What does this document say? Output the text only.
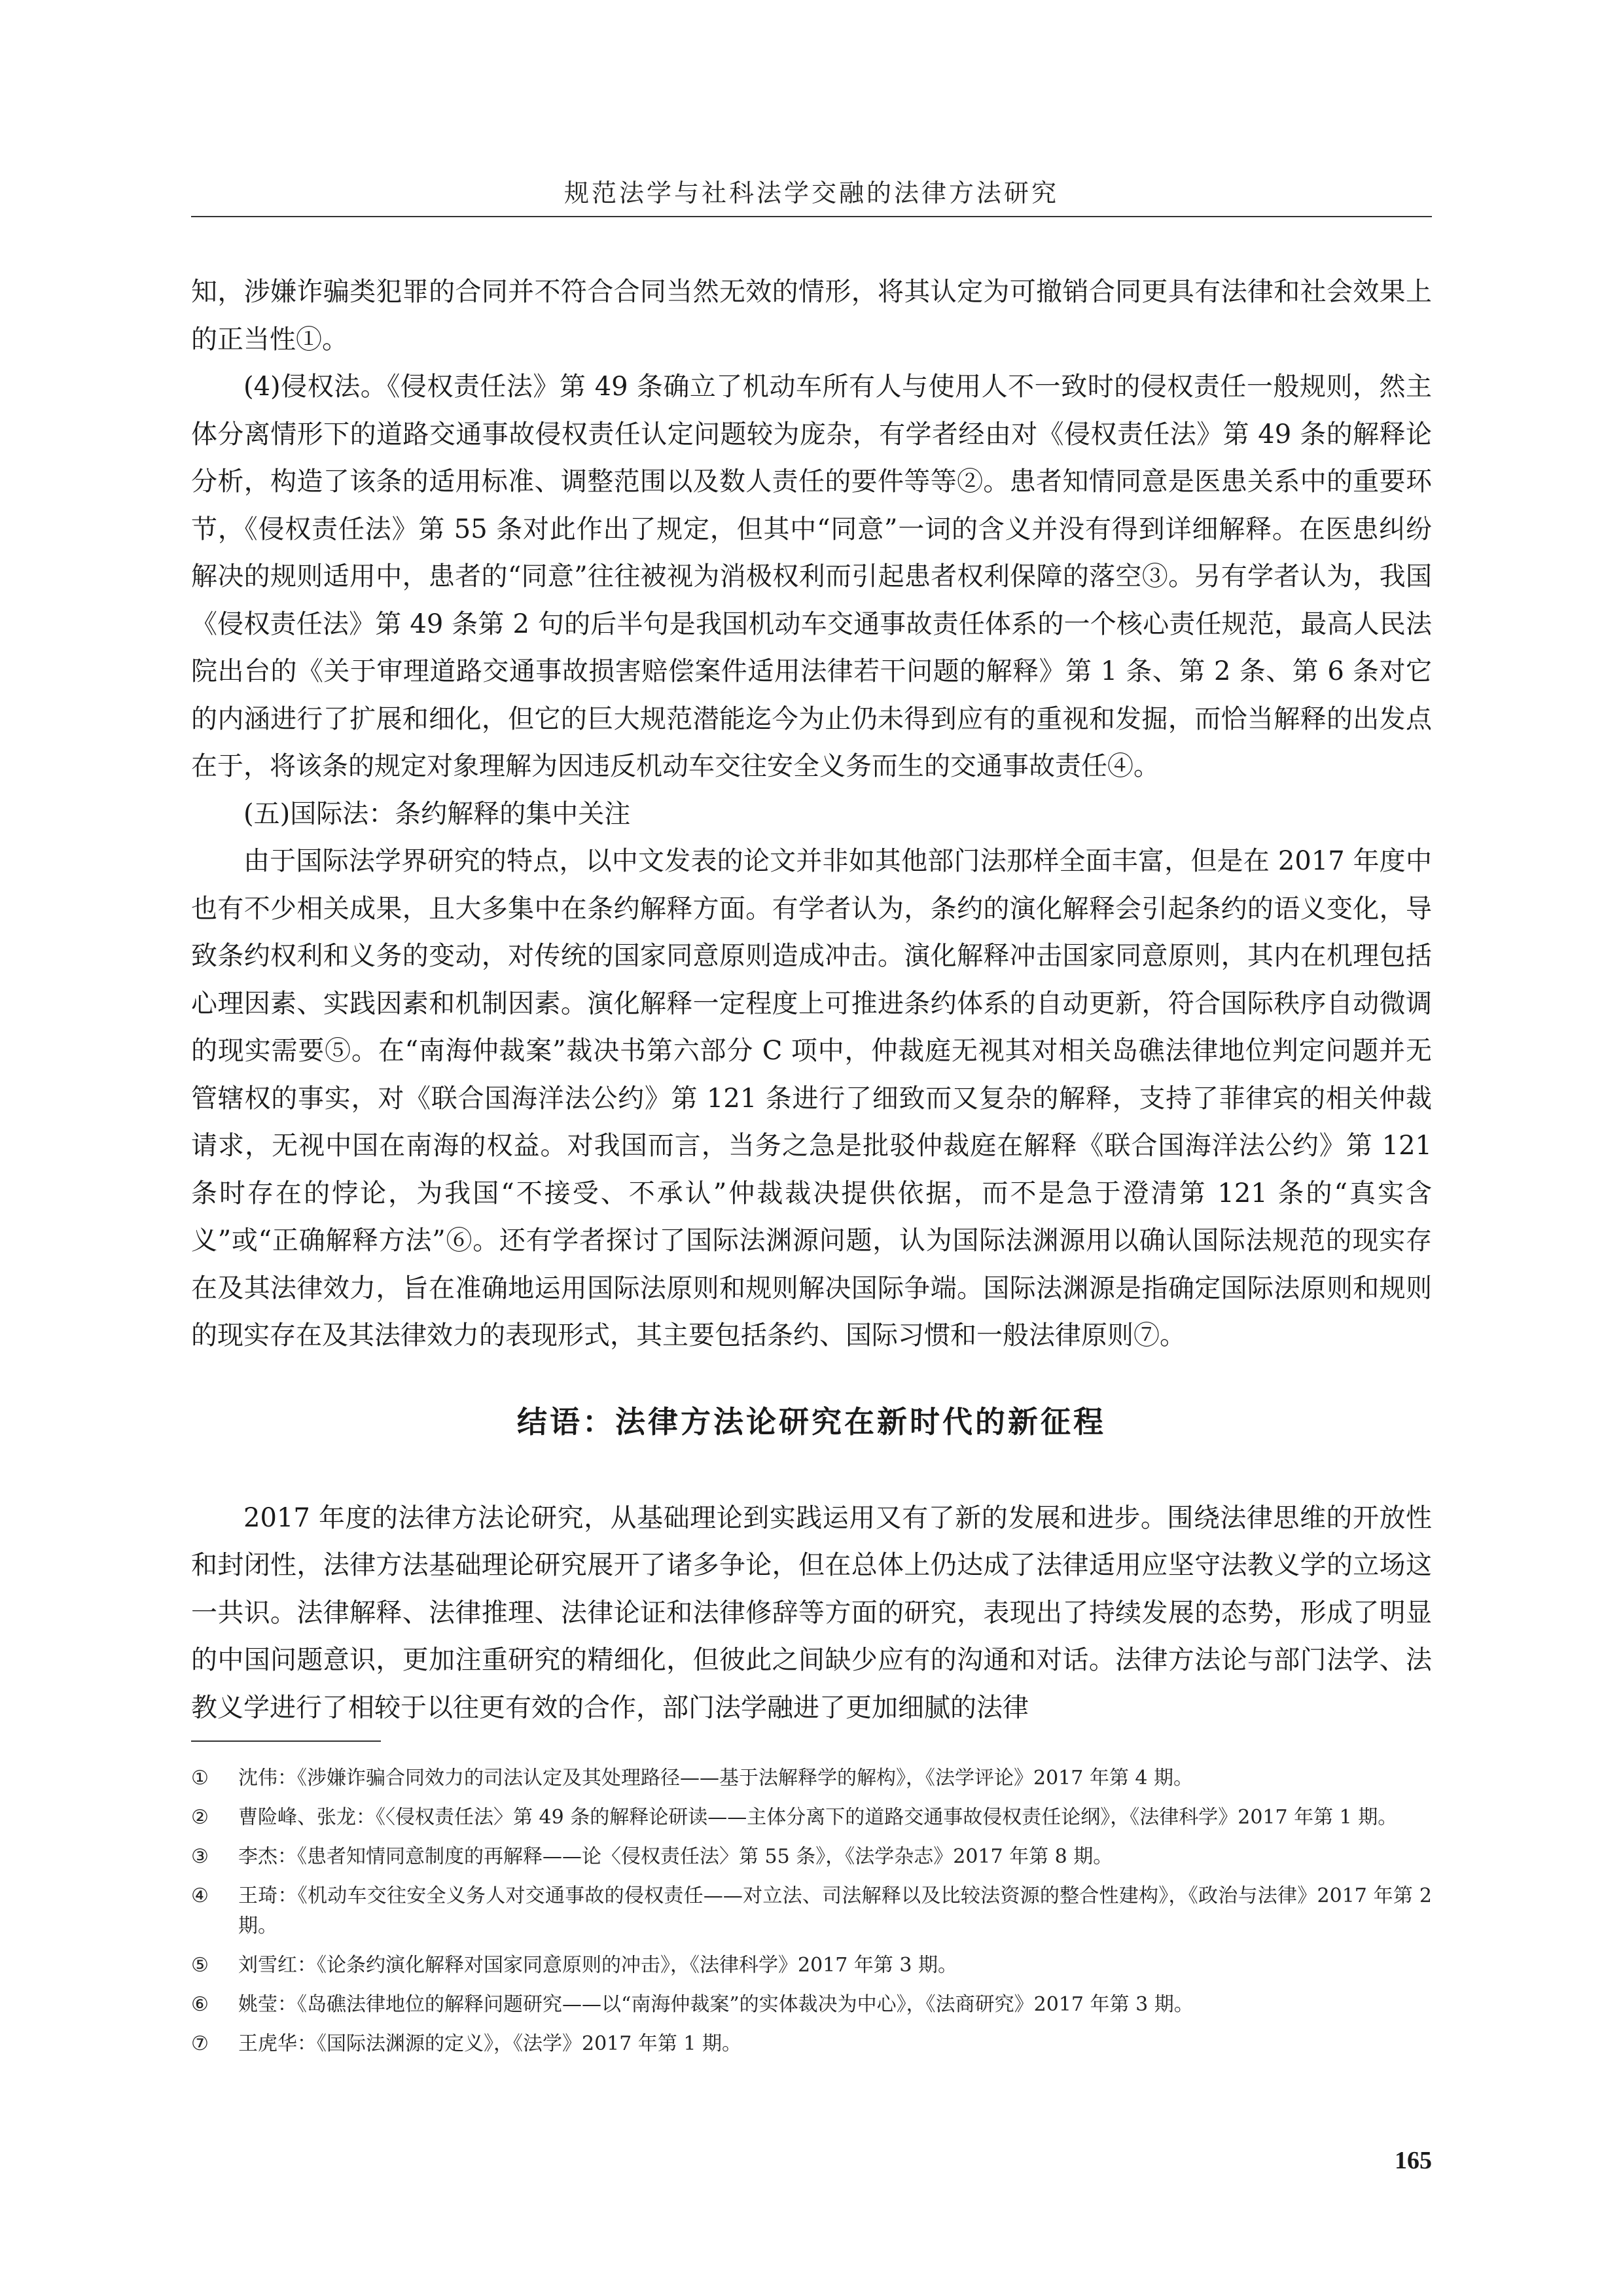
规范法学与社科法学交融的法律方法研究

知，涉嫌诈骗类犯罪的合同并不符合合同当然无效的情形，将其认定为可撤销合同更具有法律和社会效果上的正当性①。

(4)侵权法。《侵权责任法》第 49 条确立了机动车所有人与使用人不一致时的侵权责任一般规则，然主体分离情形下的道路交通事故侵权责任认定问题较为庞杂，有学者经由对《侵权责任法》第 49 条的解释论分析，构造了该条的适用标准、调整范围以及数人责任的要件等等②。患者知情同意是医患关系中的重要环节，《侵权责任法》第 55 条对此作出了规定，但其中“同意”一词的含义并没有得到详细解释。在医患纠纷解决的规则适用中，患者的“同意”往往被视为消极权利而引起患者权利保障的落空③。另有学者认为，我国《侵权责任法》第 49 条第 2 句的后半句是我国机动车交通事故责任体系的一个核心责任规范，最高人民法院出台的《关于审理道路交通事故损害赔偿案件适用法律若干问题的解释》第 1 条、第 2 条、第 6 条对它的内涵进行了扩展和细化，但它的巨大规范潜能迄今为止仍未得到应有的重视和发掘，而恰当解释的出发点在于，将该条的规定对象理解为因违反机动车交往安全义务而生的交通事故责任④。

(五)国际法：条约解释的集中关注

由于国际法学界研究的特点，以中文发表的论文并非如其他部门法那样全面丰富，但是在 2017 年度中也有不少相关成果，且大多集中在条约解释方面。有学者认为，条约的演化解释会引起条约的语义变化，导致条约权利和义务的变动，对传统的国家同意原则造成冲击。演化解释冲击国家同意原则，其内在机理包括心理因素、实践因素和机制因素。演化解释一定程度上可推进条约体系的自动更新，符合国际秩序自动微调的现实需要⑤。在“南海仲裁案”裁决书第六部分 C 项中，仲裁庭无视其对相关岛礁法律地位判定问题并无管辖权的事实，对《联合国海洋法公约》第 121 条进行了细致而又复杂的解释，支持了菲律宾的相关仲裁请求，无视中国在南海的权益。对我国而言，当务之急是批驳仲裁庭在解释《联合国海洋法公约》第 121 条时存在的悖论，为我国“不接受、不承认”仲裁裁决提供依据，而不是急于澄清第 121 条的“真实含义”或“正确解释方法”⑥。还有学者探讨了国际法渊源问题，认为国际法渊源用以确认国际法规范的现实存在及其法律效力，旨在准确地运用国际法原则和规则解决国际争端。国际法渊源是指确定国际法原则和规则的现实存在及其法律效力的表现形式，其主要包括条约、国际习惯和一般法律原则⑦。

结语：法律方法论研究在新时代的新征程

2017 年度的法律方法论研究，从基础理论到实践运用又有了新的发展和进步。围绕法律思维的开放性和封闭性，法律方法基础理论研究展开了诸多争论，但在总体上仍达成了法律适用应坚守法教义学的立场这一共识。法律解释、法律推理、法律论证和法律修辞等方面的研究，表现出了持续发展的态势，形成了明显的中国问题意识，更加注重研究的精细化，但彼此之间缺少应有的沟通和对话。法律方法论与部门法学、法教义学进行了相较于以往更有效的合作，部门法学融进了更加细腻的法律

①	沈伟：《涉嫌诈骗合同效力的司法认定及其处理路径——基于法解释学的解构》，《法学评论》2017 年第 4 期。
②	曹险峰、张龙：《〈侵权责任法〉第 49 条的解释论研读——主体分离下的道路交通事故侵权责任论纲》，《法律科学》2017 年第 1 期。
③	李杰：《患者知情同意制度的再解释——论〈侵权责任法〉第 55 条》，《法学杂志》2017 年第 8 期。
④	王琦：《机动车交往安全义务人对交通事故的侵权责任——对立法、司法解释以及比较法资源的整合性建构》，《政治与法律》2017 年第 2 期。
⑤	刘雪红：《论条约演化解释对国家同意原则的冲击》，《法律科学》2017 年第 3 期。
⑥	姚莹：《岛礁法律地位的解释问题研究——以“南海仲裁案”的实体裁决为中心》，《法商研究》2017 年第 3 期。
⑦	王虎华：《国际法渊源的定义》，《法学》2017 年第 1 期。
165
